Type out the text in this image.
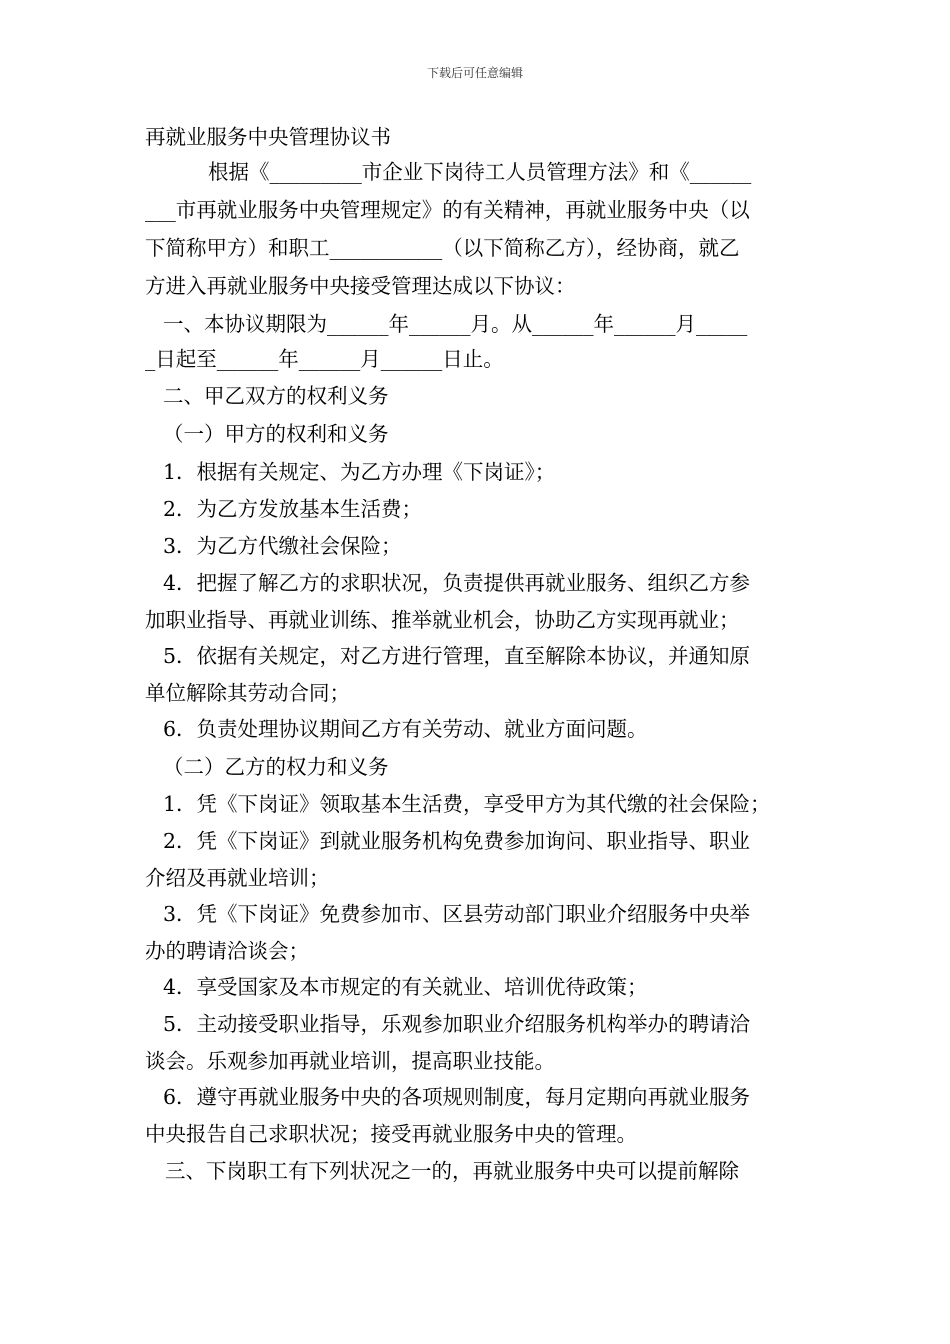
下载后可任意编辑
再就业服务中央管理协议书
根据《_________市企业下岗待工人员管理方法》和《______
___市再就业服务中央管理规定》的有关精神，再就业服务中央（以
下简称甲方）和职工___________（以下简称乙方），经协商，就乙
方进入再就业服务中央接受管理达成以下协议：
一、本协议期限为______年______月。从______年______月_____
_日起至______年______月______日止。
二、甲乙双方的权利义务
（一）甲方的权利和义务
1．根据有关规定、为乙方办理《下岗证》；
2．为乙方发放基本生活费；
3．为乙方代缴社会保险；
4．把握了解乙方的求职状况，负责提供再就业服务、组织乙方参
加职业指导、再就业训练、推举就业机会，协助乙方实现再就业；
5．依据有关规定，对乙方进行管理，直至解除本协议，并通知原
单位解除其劳动合同；
6．负责处理协议期间乙方有关劳动、就业方面问题。
（二）乙方的权力和义务
1．凭《下岗证》领取基本生活费，享受甲方为其代缴的社会保险；
2．凭《下岗证》到就业服务机构免费参加询问、职业指导、职业
介绍及再就业培训；
3．凭《下岗证》免费参加市、区县劳动部门职业介绍服务中央举
办的聘请洽谈会；
4．享受国家及本市规定的有关就业、培训优待政策；
5．主动接受职业指导，乐观参加职业介绍服务机构举办的聘请洽
谈会。乐观参加再就业培训，提高职业技能。
6．遵守再就业服务中央的各项规则制度，每月定期向再就业服务
中央报告自己求职状况；接受再就业服务中央的管理。
三、下岗职工有下列状况之一的，再就业服务中央可以提前解除
